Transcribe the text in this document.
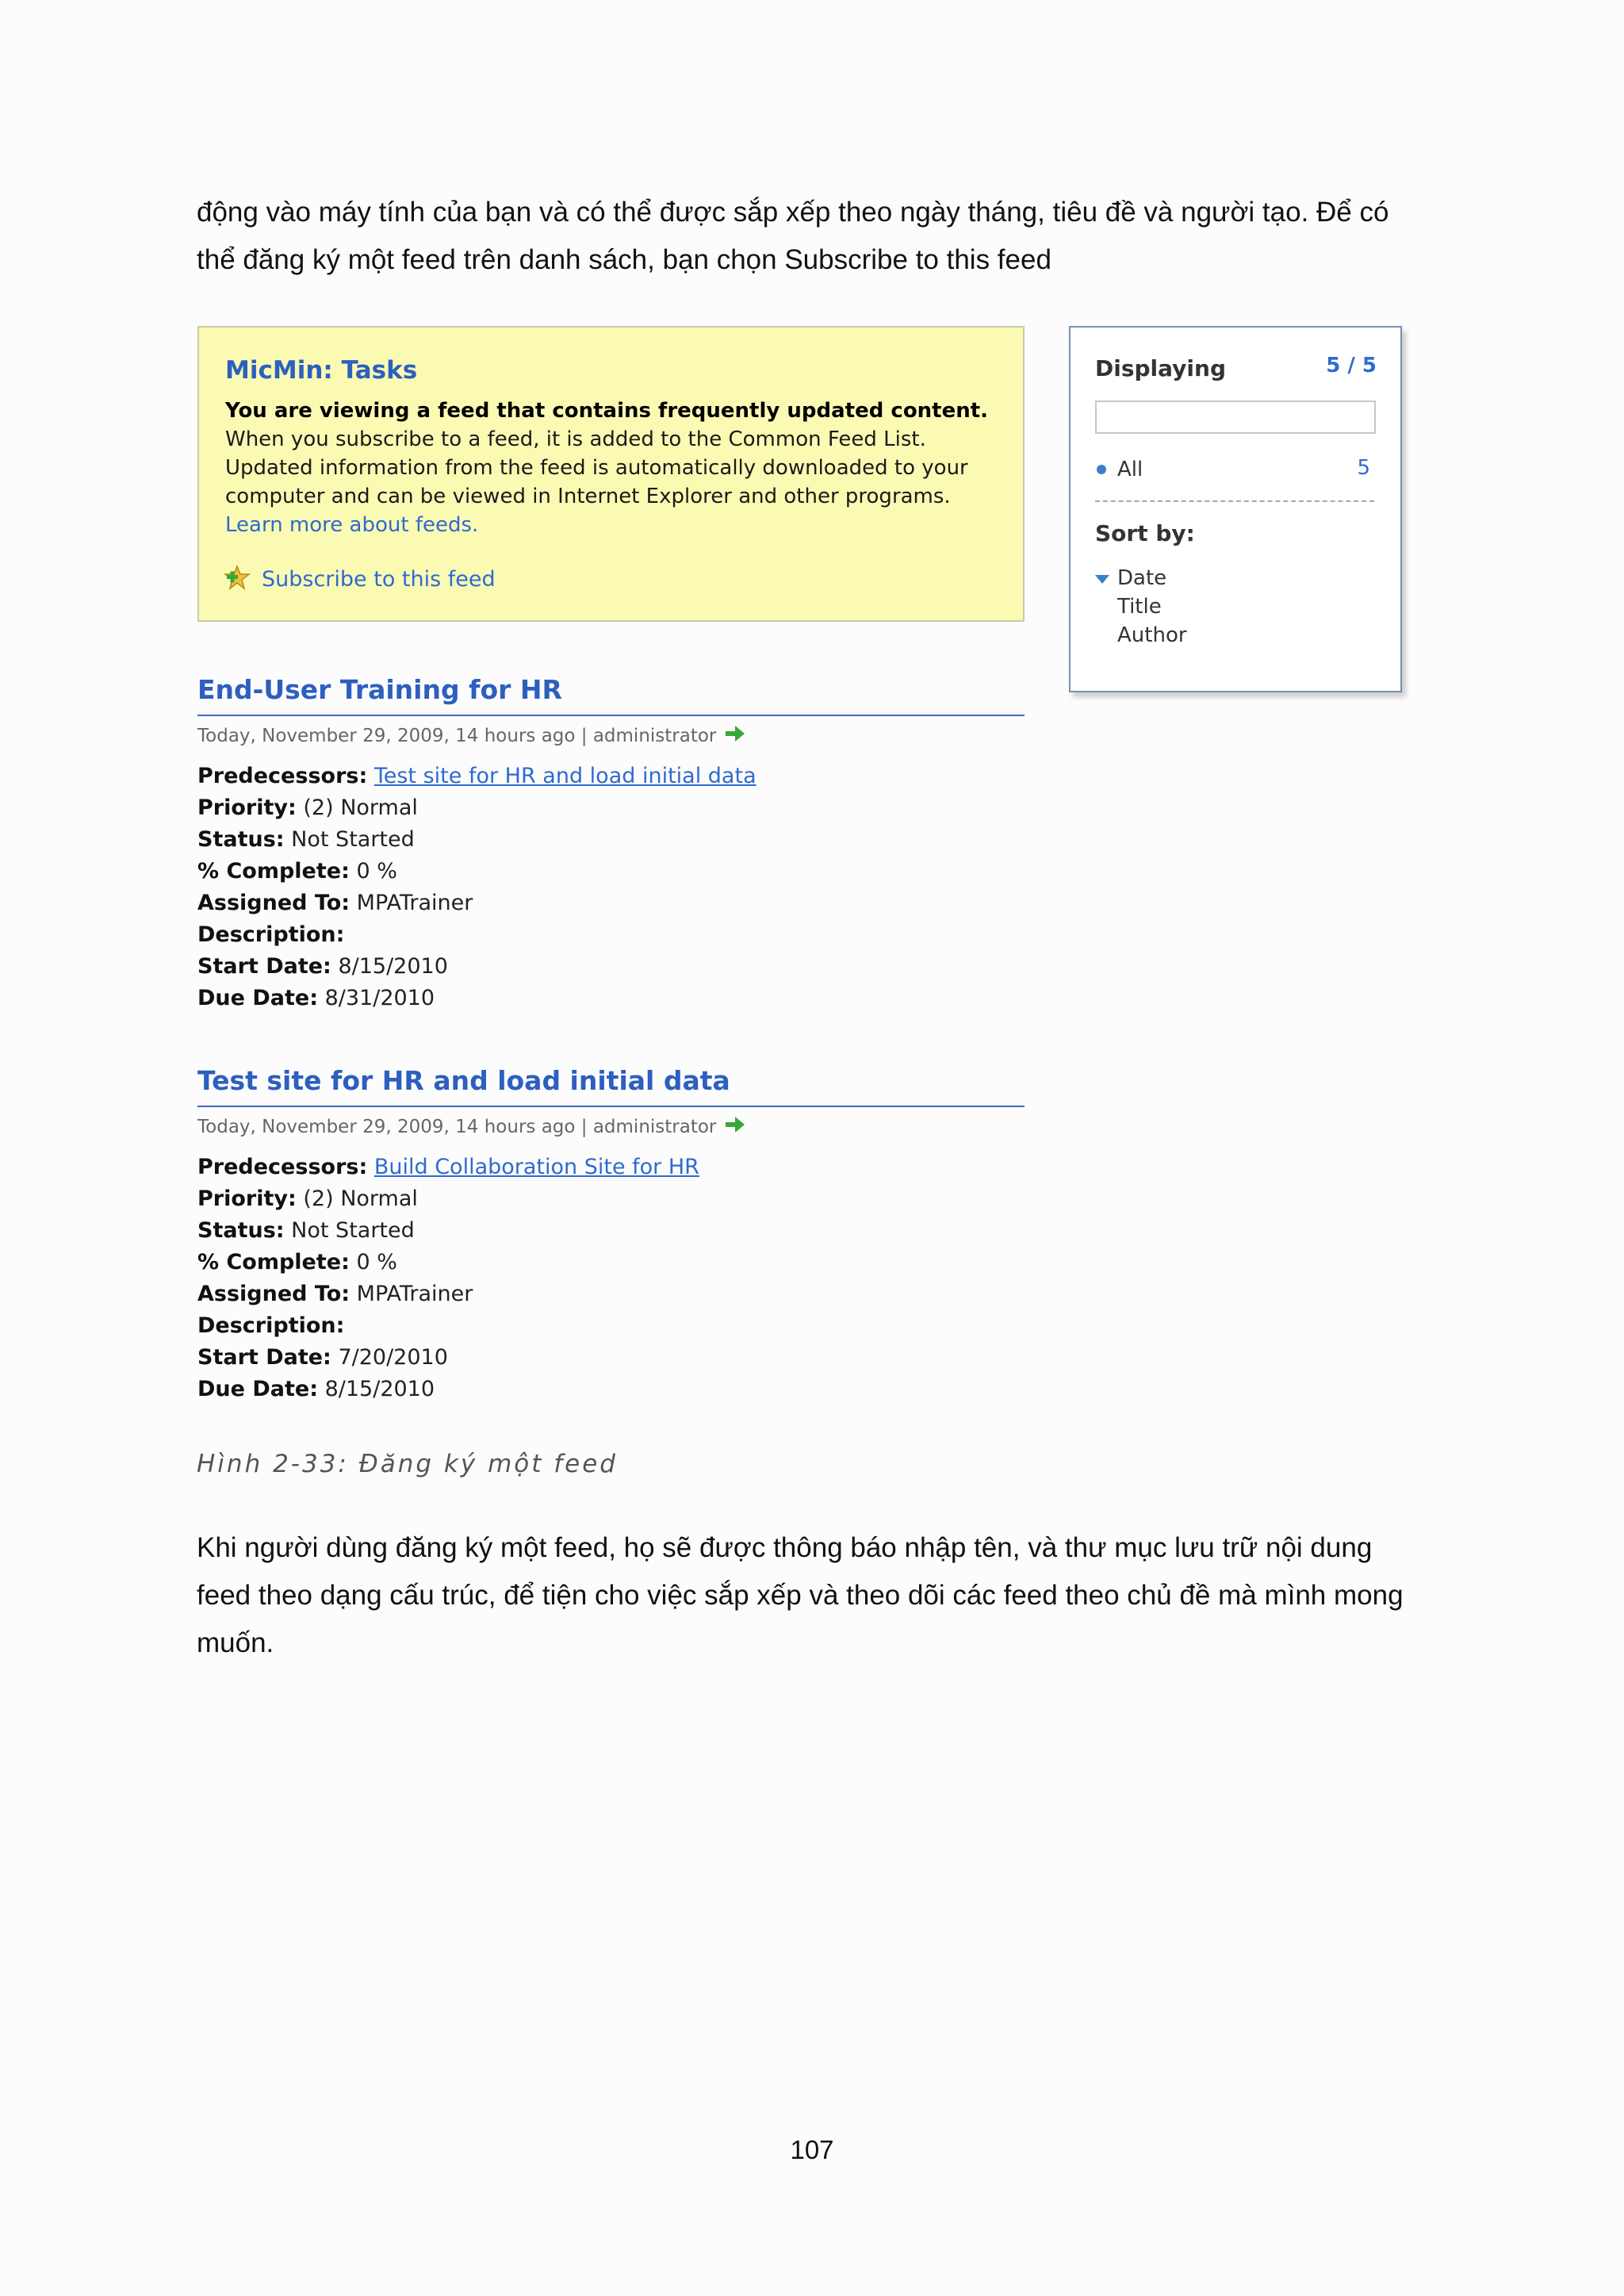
động vào máy tính của bạn và có thể được sắp xếp theo ngày tháng, tiêu đề và người tạo. Để có thể đăng ký một feed trên danh sách, bạn chọn Subscribe to this feed
MicMin: Tasks
You are viewing a feed that contains frequently updated content. When you subscribe to a feed, it is added to the Common Feed List. Updated information from the feed is automatically downloaded to your computer and can be viewed in Internet Explorer and other programs. Learn more about feeds.
Subscribe to this feed
Displaying	5 / 5
All	5
Sort by:
Date
Title
Author
End-User Training for HR
Today, November 29, 2009, 14 hours ago | administrator
Predecessors: Test site for HR and load initial data
Priority: (2) Normal
Status: Not Started
% Complete: 0 %
Assigned To: MPATrainer
Description:
Start Date: 8/15/2010
Due Date: 8/31/2010
Test site for HR and load initial data
Today, November 29, 2009, 14 hours ago | administrator
Predecessors: Build Collaboration Site for HR
Priority: (2) Normal
Status: Not Started
% Complete: 0 %
Assigned To: MPATrainer
Description:
Start Date: 7/20/2010
Due Date: 8/15/2010
Hình 2-33: Đăng ký một feed
Khi người dùng đăng ký một feed, họ sẽ được thông báo nhập tên, và thư mục lưu trữ nội dung feed theo dạng cấu trúc, để tiện cho việc sắp xếp và theo dõi các feed theo chủ đề mà mình mong muốn.
107
